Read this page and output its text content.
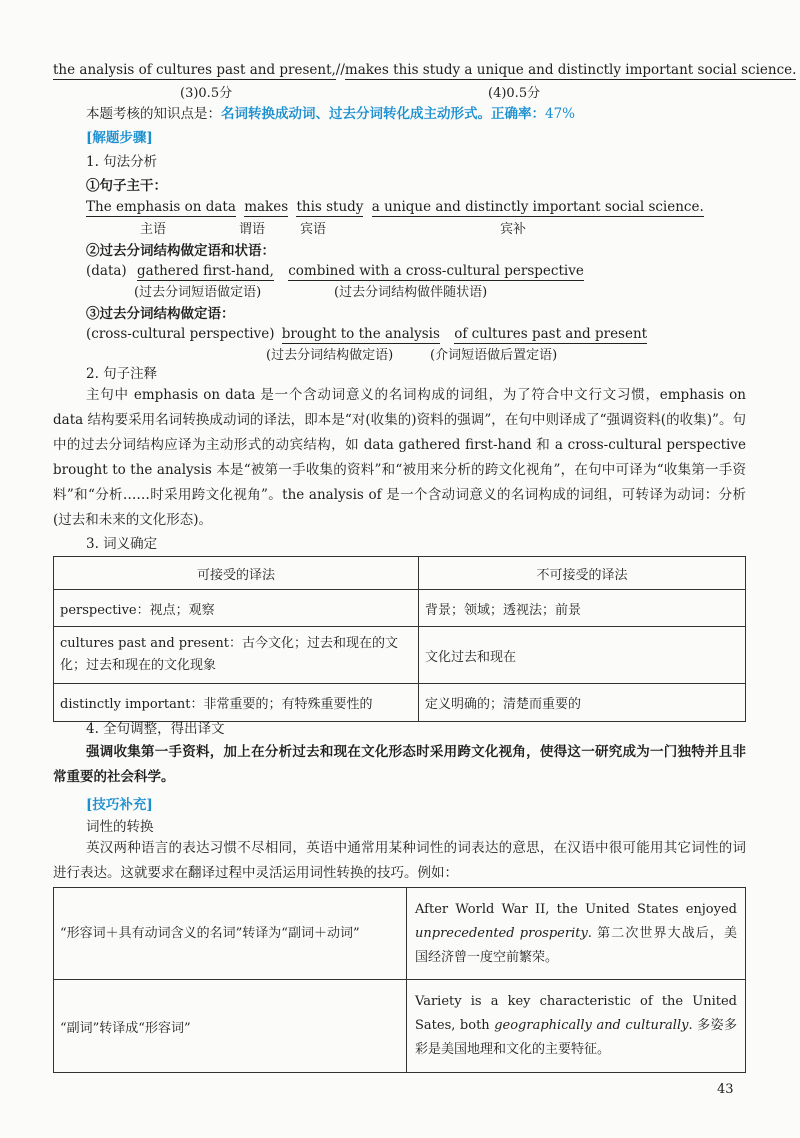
the analysis of cultures past and present,//makes this study a unique and distinctly important social science.
(3)0.5分	(4)0.5分
本题考核的知识点是：名词转换成动词、过去分词转化成主动形式。正确率：47%
[解题步骤]
1. 句法分析
①句子主干：
The emphasis on data makes this study a unique and distinctly important social science.
主语	谓语	宾语	宾补
②过去分词结构做定语和状语：
(data) gathered first-hand, combined with a cross-cultural perspective
(过去分词短语做定语)	(过去分词结构做伴随状语)
③过去分词结构做定语：
(cross-cultural perspective) brought to the analysis of cultures past and present
(过去分词结构做定语)	(介词短语做后置定语)
2. 句子注释
主句中 emphasis on data 是一个含动词意义的名词构成的词组，为了符合中文行文习惯，emphasis on data 结构要采用名词转换成动词的译法，即本是“对(收集的)资料的强调”，在句中则译成了“强调资料(的收集)”。句中的过去分词结构应译为主动形式的动宾结构，如 data gathered first-hand 和 a cross-cultural perspective brought to the analysis 本是“被第一手收集的资料”和“被用来分析的跨文化视角”，在句中可译为“收集第一手资料”和“分析……时采用跨文化视角”。the analysis of 是一个含动词意义的名词构成的词组，可转译为动词：分析(过去和未来的文化形态)。
3. 词义确定
可接受的译法	不可接受的译法
perspective：视点；观察	背景；领域；透视法；前景
cultures past and present：古今文化；过去和现在的文化；过去和现在的文化现象	文化过去和现在
distinctly important：非常重要的；有特殊重要性的	定义明确的；清楚而重要的
4. 全句调整，得出译文
强调收集第一手资料，加上在分析过去和现在文化形态时采用跨文化视角，使得这一研究成为一门独特并且非常重要的社会科学。
[技巧补充]
词性的转换
英汉两种语言的表达习惯不尽相同，英语中通常用某种词性的词表达的意思，在汉语中很可能用其它词性的词进行表达。这就要求在翻译过程中灵活运用词性转换的技巧。例如：
“形容词＋具有动词含义的名词”转译为“副词＋动词”	After World War II, the United States enjoyed unprecedented prosperity. 第二次世界大战后，美国经济曾一度空前繁荣。
“副词”转译成“形容词”	Variety is a key characteristic of the United Sates, both geographically and culturally. 多姿多彩是美国地理和文化的主要特征。
43
